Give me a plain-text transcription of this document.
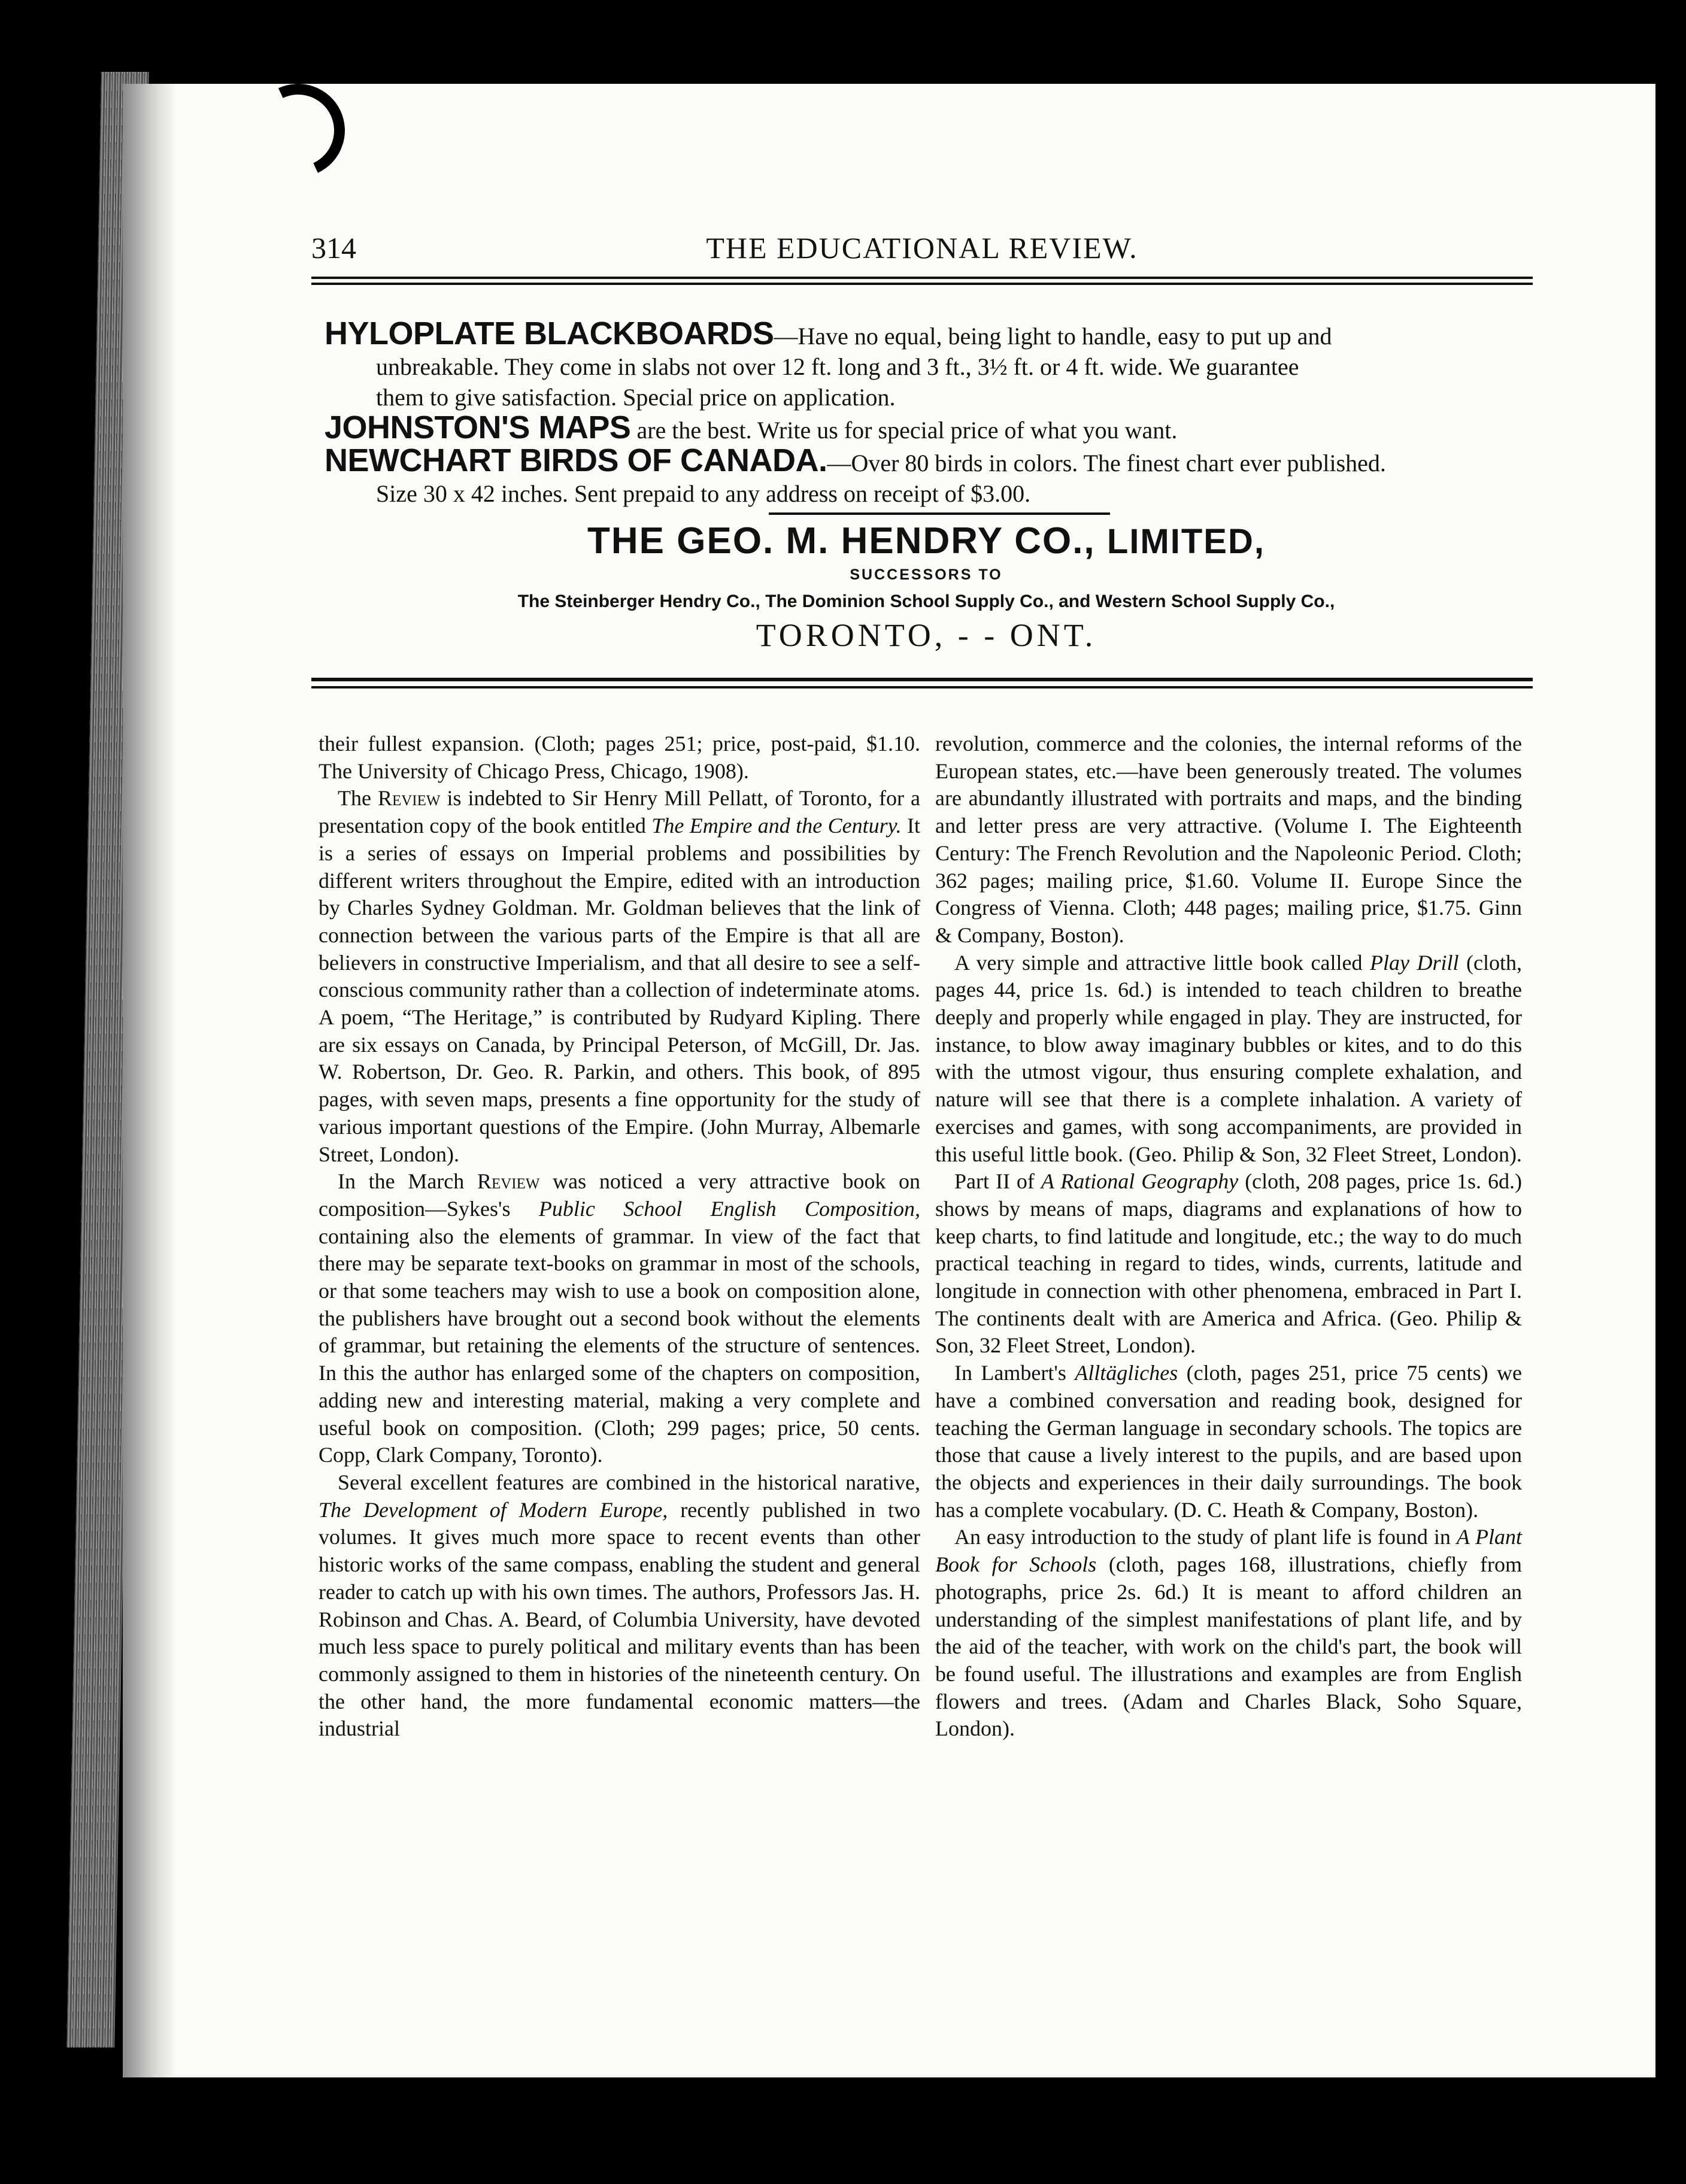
314	THE EDUCATIONAL REVIEW.
HYLOPLATE BLACKBOARDS—Have no equal, being light to handle, easy to put up and
unbreakable. They come in slabs not over 12 ft. long and 3 ft., 3½ ft. or 4 ft. wide. We guarantee
them to give satisfaction. Special price on application.
JOHNSTON'S MAPS are the best. Write us for special price of what you want.
NEWCHART BIRDS OF CANADA.—Over 80 birds in colors. The finest chart ever published.
Size 30 x 42 inches. Sent prepaid to any address on receipt of $3.00.
THE GEO. M. HENDRY CO., LIMITED,
SUCCESSORS TO
The Steinberger Hendry Co., The Dominion School Supply Co., and Western School Supply Co.,
TORONTO, - - ONT.

their fullest expansion. (Cloth; pages 251; price, post-paid, $1.10. The University of Chicago Press, Chicago, 1908).

The Review is indebted to Sir Henry Mill Pellatt, of Toronto, for a presentation copy of the book entitled The Empire and the Century. It is a series of essays on Imperial problems and possibilities by different writers throughout the Empire, edited with an introduction by Charles Sydney Goldman. Mr. Goldman believes that the link of connection between the various parts of the Empire is that all are believers in constructive Imperialism, and that all desire to see a self-conscious community rather than a collection of indeterminate atoms. A poem, “The Heritage,” is contributed by Rudyard Kipling. There are six essays on Canada, by Principal Peterson, of McGill, Dr. Jas. W. Robertson, Dr. Geo. R. Parkin, and others. This book, of 895 pages, with seven maps, presents a fine opportunity for the study of various important questions of the Empire. (John Murray, Albemarle Street, London).

In the March Review was noticed a very attractive book on composition—Sykes's Public School English Composition, containing also the elements of grammar. In view of the fact that there may be separate text-books on grammar in most of the schools, or that some teachers may wish to use a book on composition alone, the publishers have brought out a second book without the elements of grammar, but retaining the elements of the structure of sentences. In this the author has enlarged some of the chapters on composition, adding new and interesting material, making a very complete and useful book on composition. (Cloth; 299 pages; price, 50 cents. Copp, Clark Company, Toronto).

Several excellent features are combined in the historical narative, The Development of Modern Europe, recently published in two volumes. It gives much more space to recent events than other historic works of the same compass, enabling the student and general reader to catch up with his own times. The authors, Professors Jas. H. Robinson and Chas. A. Beard, of Columbia University, have devoted much less space to purely political and military events than has been commonly assigned to them in histories of the nineteenth century. On the other hand, the more fundamental economic matters—the industrial

revolution, commerce and the colonies, the internal reforms of the European states, etc.—have been generously treated. The volumes are abundantly illustrated with portraits and maps, and the binding and letter press are very attractive. (Volume I. The Eighteenth Century: The French Revolution and the Napoleonic Period. Cloth; 362 pages; mailing price, $1.60. Volume II. Europe Since the Congress of Vienna. Cloth; 448 pages; mailing price, $1.75. Ginn & Company, Boston).

A very simple and attractive little book called Play Drill (cloth, pages 44, price 1s. 6d.) is intended to teach children to breathe deeply and properly while engaged in play. They are instructed, for instance, to blow away imaginary bubbles or kites, and to do this with the utmost vigour, thus ensuring complete exhalation, and nature will see that there is a complete inhalation. A variety of exercises and games, with song accompaniments, are provided in this useful little book. (Geo. Philip & Son, 32 Fleet Street, London).

Part II of A Rational Geography (cloth, 208 pages, price 1s. 6d.) shows by means of maps, diagrams and explanations of how to keep charts, to find latitude and longitude, etc.; the way to do much practical teaching in regard to tides, winds, currents, latitude and longitude in connection with other phenomena, embraced in Part I. The continents dealt with are America and Africa. (Geo. Philip & Son, 32 Fleet Street, London).

In Lambert's Alltägliches (cloth, pages 251, price 75 cents) we have a combined conversation and reading book, designed for teaching the German language in secondary schools. The topics are those that cause a lively interest to the pupils, and are based upon the objects and experiences in their daily surroundings. The book has a complete vocabulary. (D. C. Heath & Company, Boston).

An easy introduction to the study of plant life is found in A Plant Book for Schools (cloth, pages 168, illustrations, chiefly from photographs, price 2s. 6d.) It is meant to afford children an understanding of the simplest manifestations of plant life, and by the aid of the teacher, with work on the child's part, the book will be found useful. The illustrations and examples are from English flowers and trees. (Adam and Charles Black, Soho Square, London).
